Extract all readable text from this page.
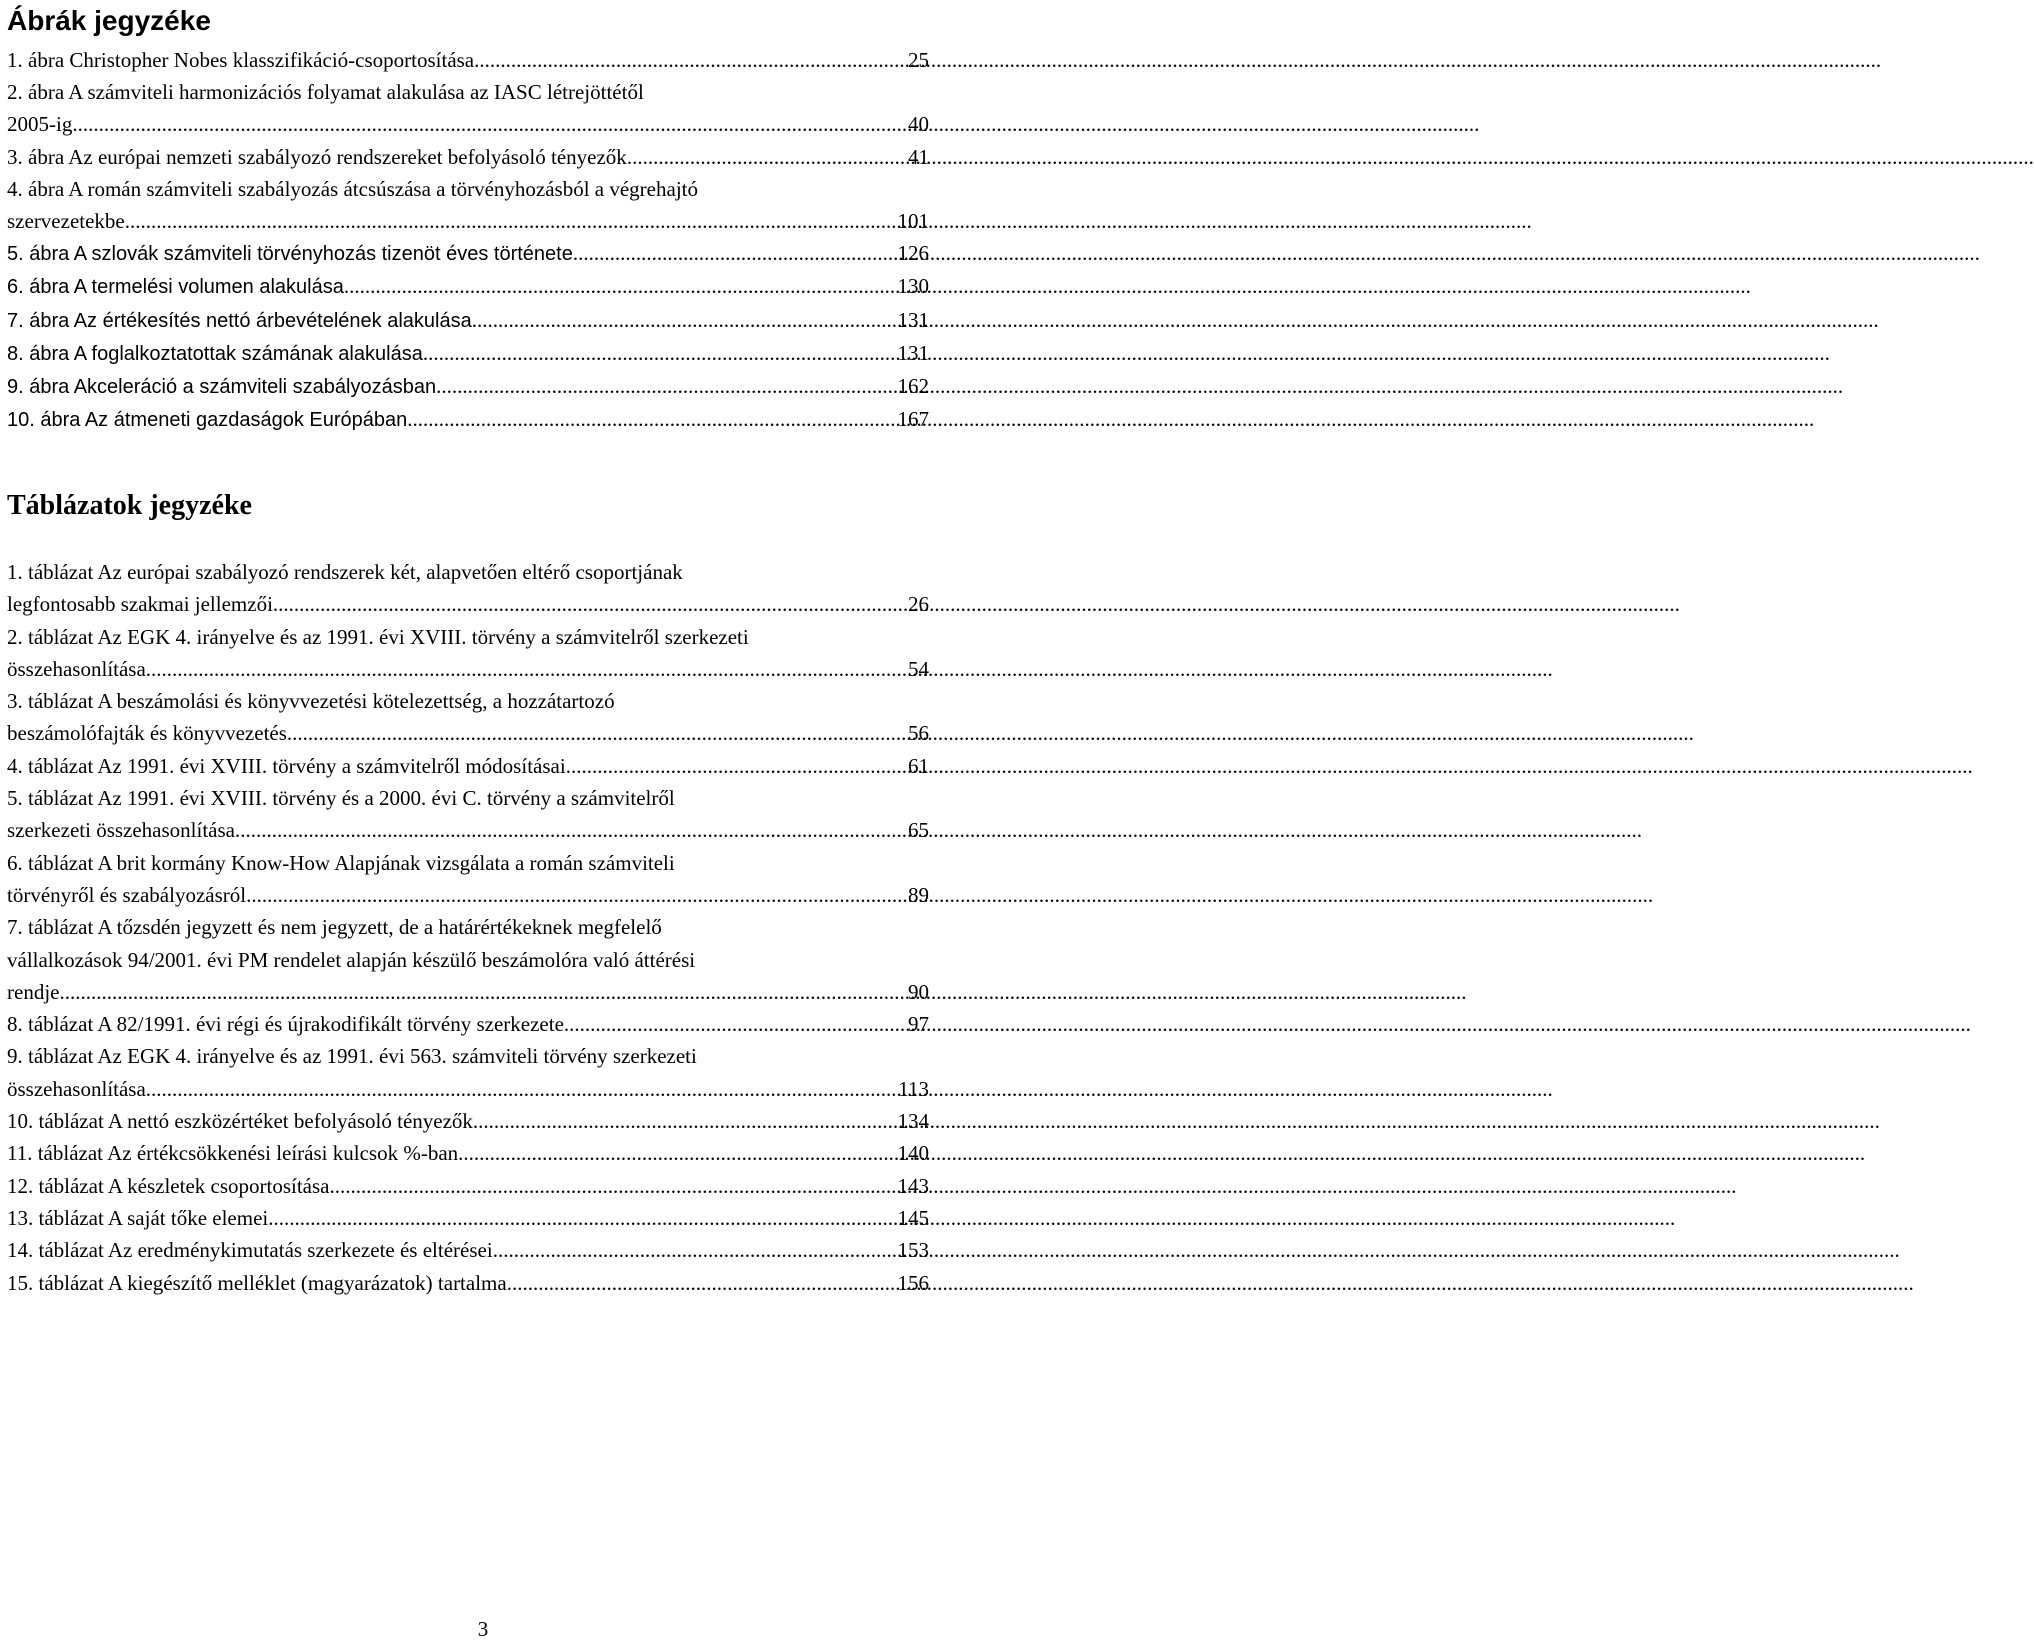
Ábrák jegyzéke
1. ábra Christopher Nobes klasszifikáció-csoportosítása .....	25
2. ábra A számviteli harmonizációs folyamat alakulása az IASC létrejöttétől
2005-ig .....	40
3. ábra Az európai nemzeti szabályozó rendszereket befolyásoló tényezők .....	41
4. ábra A román számviteli szabályozás átcsúszása a törvényhozásból a végrehajtó
szervezetekbe .....	101
5. ábra A szlovák számviteli törvényhozás tizenöt éves története .....	126
6. ábra A termelési volumen alakulása .....	130
7. ábra Az értékesítés nettó árbevételének alakulása .....	131
8. ábra A foglalkoztatottak számának alakulása .....	131
9. ábra Akceleráció a számviteli szabályozásban .....	162
10. ábra Az átmeneti gazdaságok Európában .....	167
Táblázatok jegyzéke
1. táblázat Az európai szabályozó rendszerek két, alapvetően eltérő csoportjának
legfontosabb szakmai jellemzői .....	26
2. táblázat Az EGK 4. irányelve és az 1991. évi XVIII. törvény a számvitelről szerkezeti
összehasonlítása .....	54
3. táblázat A beszámolási és könyvvezetési kötelezettség, a hozzátartozó
beszámolófajták és könyvvezetés .....	56
4. táblázat Az 1991. évi XVIII. törvény a számvitelről módosításai .....	61
5. táblázat Az 1991. évi XVIII. törvény és a 2000. évi C. törvény a számvitelről
szerkezeti összehasonlítása .....	65
6. táblázat A brit kormány Know-How Alapjának vizsgálata a román számviteli
törvényről és szabályozásról .....	89
7. táblázat A tőzsdén jegyzett és nem jegyzett, de a határértékeknek megfelelő
vállalkozások 94/2001. évi PM rendelet alapján készülő beszámolóra való áttérési
rendje .....	90
8. táblázat A 82/1991. évi régi és újrakodifikált törvény szerkezete .....	97
9. táblázat Az EGK 4. irányelve és az 1991. évi 563. számviteli törvény szerkezeti
összehasonlítása .....	113
10. táblázat A nettó eszközértéket befolyásoló tényezők .....	134
11. táblázat Az értékcsökkenési leírási kulcsok %-ban .....	140
12. táblázat A készletek csoportosítása .....	143
13. táblázat A saját tőke elemei .....	145
14. táblázat Az eredménykimutatás szerkezete és eltérései .....	153
15. táblázat A kiegészítő melléklet (magyarázatok) tartalma .....	156
3
